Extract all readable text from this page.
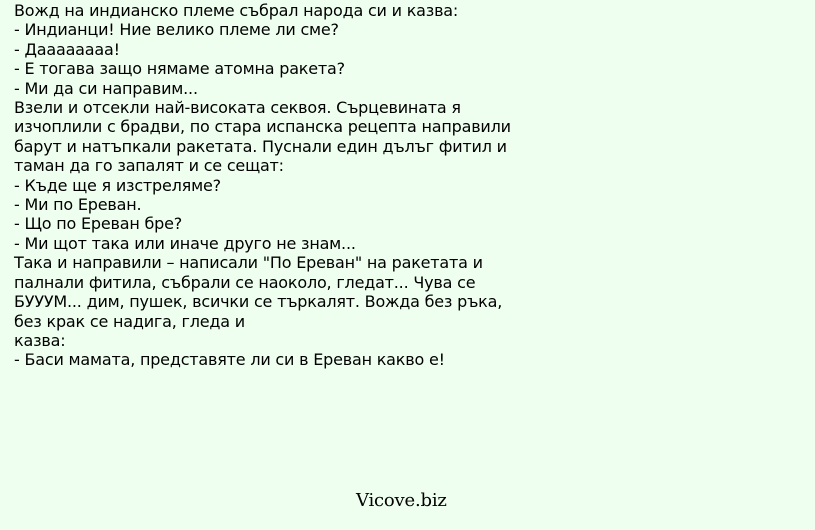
Вожд на индианско племе събрал народа си и казва:
- Индианци! Ние велико племе ли сме?
- Даааааааа!
- Е тогава защо нямаме атомна ракета?
- Ми да си направим...
Взели и отсекли най-високата секвоя. Сърцевината я
изчоплили с брадви, по стара испанска рецепта направили
барут и натъпкали ракетата. Пуснали един дълъг фитил и
таман да го запалят и се сещат:
- Къде ще я изстреляме?
- Ми по Ереван.
- Що по Ереван бре?
- Ми щот така или иначе друго не знам...
Така и направили – написали "По Ереван" на ракетата и
палнали фитила, събрали се наоколо, гледат... Чува се
БУУУМ... дим, пушек, всички се търкалят. Вожда без ръка,
без крак се надига, гледа и
казва:
- Баси мамата, представяте ли си в Ереван какво е!
Vicove.biz
